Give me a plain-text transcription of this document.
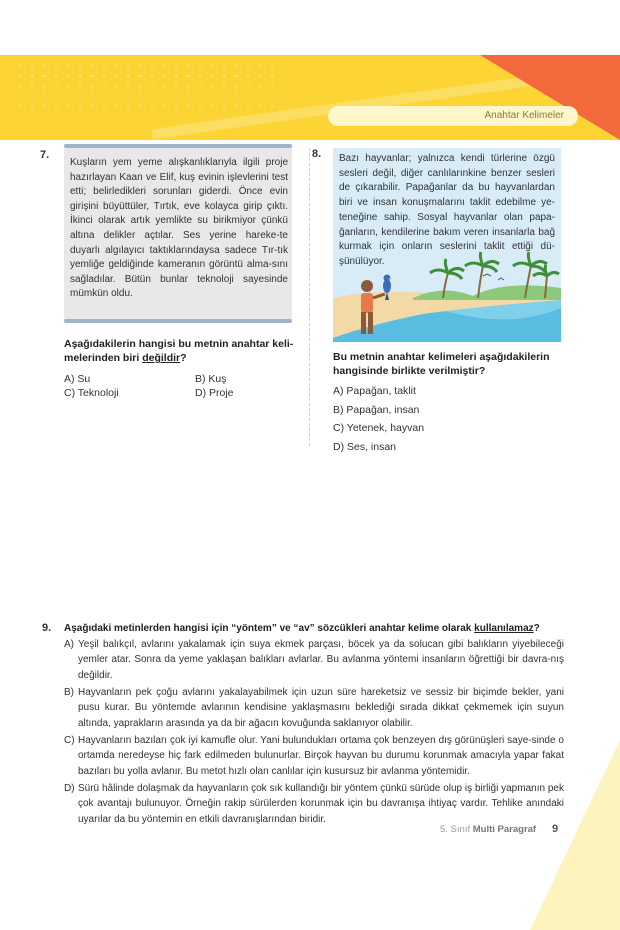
Anahtar Kelimeler
7.

Kuşların yem yeme alışkanlıklarıyla ilgili proje hazırlayan Kaan ve Elif, kuş evinin işlevlerini test etti; belirledikleri sorunları giderdi. Önce evin girişini büyüttüler, Tırtık, eve kolayca girip çıktı. İkinci olarak artık yemlikte su birikmiyor çünkü altına delikler açtılar. Ses yerine hareke-te duyarlı algılayıcı taktıklarındaysa sadece Tır-tık yemliğe geldiğinde kameranın görüntü alma-sını sağladılar. Bütün bunlar teknoloji sayesinde mümkün oldu.

Aşağıdakilerin hangisi bu metnin anahtar keli-melerinden biri değildir?
A) Su	B) Kuş
C) Teknoloji	D) Proje
8. Bazı hayvanlar; yalnızca kendi türlerine özgü sesleri değil, diğer canlılarınkine benzer sesleri de çıkarabilir. Papağanlar da bu hayvanlardan biri ve insan konuşmalarını taklit edebilme ye-teneğine sahip. Sosyal hayvanlar olan papa-ğanların, kendilerine bakım veren insanlarla bağ kurmak için onların seslerini taklit ettiği dü-şünülüyor.

Bu metnin anahtar kelimeleri aşağıdakilerin hangisinde birlikte verilmiştir?
A) Papağan, taklit
B) Papağan, insan
C) Yetenek, hayvan
D) Ses, insan
9. Aşağıdaki metinlerden hangisi için “yöntem” ve “av” sözcükleri anahtar kelime olarak kullanılamaz?
A) Yeşil balıkçıl, avlarını yakalamak için suya ekmek parçası, böcek ya da solucan gibi balıkların yiyebileceği yemler atar. Sonra da yeme yaklaşan balıkları avlarlar. Bu avlanma yöntemi insanların öğrettiği bir davra-nış değildir.
B) Hayvanların pek çoğu avlarını yakalayabilmek için uzun süre hareketsiz ve sessiz bir biçimde bekler, yani pusu kurar. Bu yöntemde avlarının kendisine yaklaşmasını beklediği sırada dikkat çekmemek için suyun altında, yaprakların arasında ya da bir ağacın kovuğunda saklanıyor olabilir.
C) Hayvanların bazıları çok iyi kamufle olur. Yani bulundukları ortama çok benzeyen dış görünüşleri saye-sinde o ortamda neredeyse hiç fark edilmeden bulunurlar. Birçok hayvan bu durumu korunmak amacıyla yapar fakat bazıları bu yolla avlanır. Bu metot hızlı olan canlılar için kusursuz bir avlanma yöntemidir.
D) Sürü hâlinde dolaşmak da hayvanların çok sık kullandığı bir yöntem çünkü sürüde olup iş birliği yapmanın pek çok avantajı bulunuyor. Örneğin rakip sürülerden korunmak için bu davranışa ihtiyaç vardır. Tehlike anındaki uyarılar da bu yöntemin en etkili davranışlarından biridir.
5. Sınıf Multi Paragraf 9
